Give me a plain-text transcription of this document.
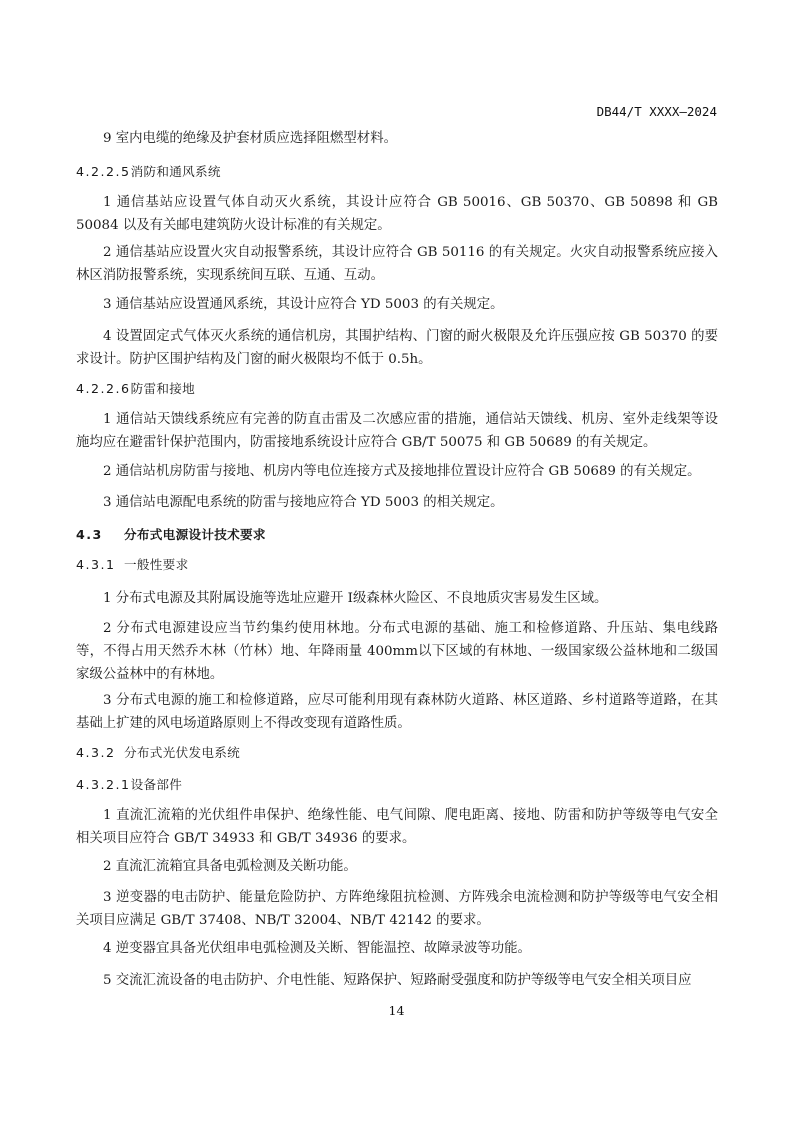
DB44/T XXXX—2024
9 室内电缆的绝缘及护套材质应选择阻燃型材料。
4.2.2.5消防和通风系统
1 通信基站应设置气体自动灭火系统，其设计应符合 GB 50016、GB 50370、GB 50898 和 GB 50084 以及有关邮电建筑防火设计标准的有关规定。
2 通信基站应设置火灾自动报警系统，其设计应符合 GB 50116 的有关规定。火灾自动报警系统应接入林区消防报警系统，实现系统间互联、互通、互动。
3 通信基站应设置通风系统，其设计应符合 YD 5003 的有关规定。
4 设置固定式气体灭火系统的通信机房，其围护结构、门窗的耐火极限及允许压强应按 GB 50370 的要求设计。防护区围护结构及门窗的耐火极限均不低于 0.5h。
4.2.2.6防雷和接地
1 通信站天馈线系统应有完善的防直击雷及二次感应雷的措施，通信站天馈线、机房、室外走线架等设施均应在避雷针保护范围内，防雷接地系统设计应符合 GB/T 50075 和 GB 50689 的有关规定。
2 通信站机房防雷与接地、机房内等电位连接方式及接地排位置设计应符合 GB 50689 的有关规定。
3 通信站电源配电系统的防雷与接地应符合 YD 5003 的相关规定。
4.3 分布式电源设计技术要求
4.3.1 一般性要求
1 分布式电源及其附属设施等选址应避开 I级森林火险区、不良地质灾害易发生区域。
2 分布式电源建设应当节约集约使用林地。分布式电源的基础、施工和检修道路、升压站、集电线路等，不得占用天然乔木林（竹林）地、年降雨量 400mm以下区域的有林地、一级国家级公益林地和二级国家级公益林中的有林地。
3 分布式电源的施工和检修道路，应尽可能利用现有森林防火道路、林区道路、乡村道路等道路，在其基础上扩建的风电场道路原则上不得改变现有道路性质。
4.3.2 分布式光伏发电系统
4.3.2.1设备部件
1 直流汇流箱的光伏组件串保护、绝缘性能、电气间隙、爬电距离、接地、防雷和防护等级等电气安全相关项目应符合 GB/T 34933 和 GB/T 34936 的要求。
2 直流汇流箱宜具备电弧检测及关断功能。
3 逆变器的电击防护、能量危险防护、方阵绝缘阻抗检测、方阵残余电流检测和防护等级等电气安全相关项目应满足 GB/T 37408、NB/T 32004、NB/T 42142 的要求。
4 逆变器宜具备光伏组串电弧检测及关断、智能温控、故障录波等功能。
5 交流汇流设备的电击防护、介电性能、短路保护、短路耐受强度和防护等级等电气安全相关项目应
14
